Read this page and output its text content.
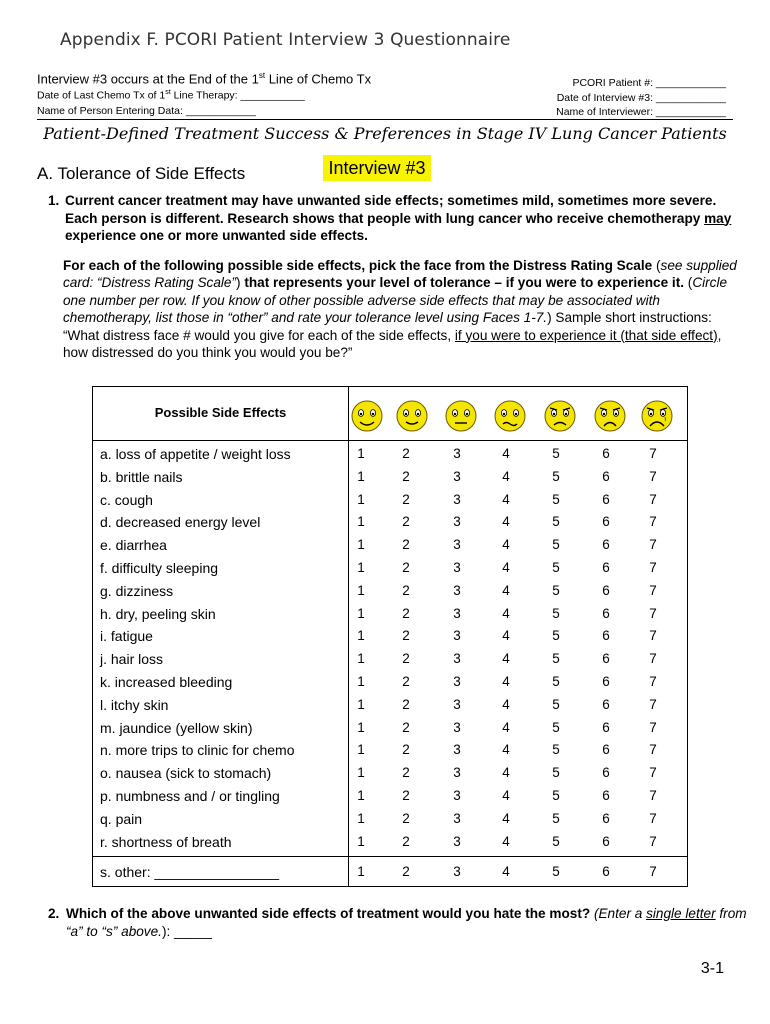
Appendix F. PCORI Patient Interview 3 Questionnaire
Interview #3 occurs at the End of the 1st Line of Chemo Tx
Date of Last Chemo Tx of 1st Line Therapy: ___________
Name of Person Entering Data: ____________
PCORI Patient #: ____________
Date of Interview #3: ____________
Name of Interviewer: ____________
Patient-Defined Treatment Success & Preferences in Stage IV Lung Cancer Patients
A. Tolerance of Side Effects	Interview #3
1. Current cancer treatment may have unwanted side effects; sometimes mild, sometimes more severe. Each person is different. Research shows that people with lung cancer who receive chemotherapy may experience one or more unwanted side effects.
For each of the following possible side effects, pick the face from the Distress Rating Scale (see supplied card: “Distress Rating Scale”) that represents your level of tolerance – if you were to experience it. (Circle one number per row. If you know of other possible adverse side effects that may be associated with chemotherapy, list those in “other” and rate your tolerance level using Faces 1-7.) Sample short instructions: “What distress face # would you give for each of the side effects, if you were to experience it (that side effect), how distressed do you think you would you be?”
Possible Side Effects
a. loss of appetite / weight loss	1	2	3	4	5	6	7
b. brittle nails	1	2	3	4	5	6	7
c. cough	1	2	3	4	5	6	7
d. decreased energy level	1	2	3	4	5	6	7
e. diarrhea	1	2	3	4	5	6	7
f. difficulty sleeping	1	2	3	4	5	6	7
g. dizziness	1	2	3	4	5	6	7
h. dry, peeling skin	1	2	3	4	5	6	7
i. fatigue	1	2	3	4	5	6	7
j. hair loss	1	2	3	4	5	6	7
k. increased bleeding	1	2	3	4	5	6	7
l. itchy skin	1	2	3	4	5	6	7
m. jaundice (yellow skin)	1	2	3	4	5	6	7
n. more trips to clinic for chemo	1	2	3	4	5	6	7
o. nausea (sick to stomach)	1	2	3	4	5	6	7
p. numbness and / or tingling	1	2	3	4	5	6	7
q. pain	1	2	3	4	5	6	7
r. shortness of breath	1	2	3	4	5	6	7
s. other: ________________	1	2	3	4	5	6	7
2. Which of the above unwanted side effects of treatment would you hate the most? (Enter a single letter from “a” to “s” above.): _____
3-1
